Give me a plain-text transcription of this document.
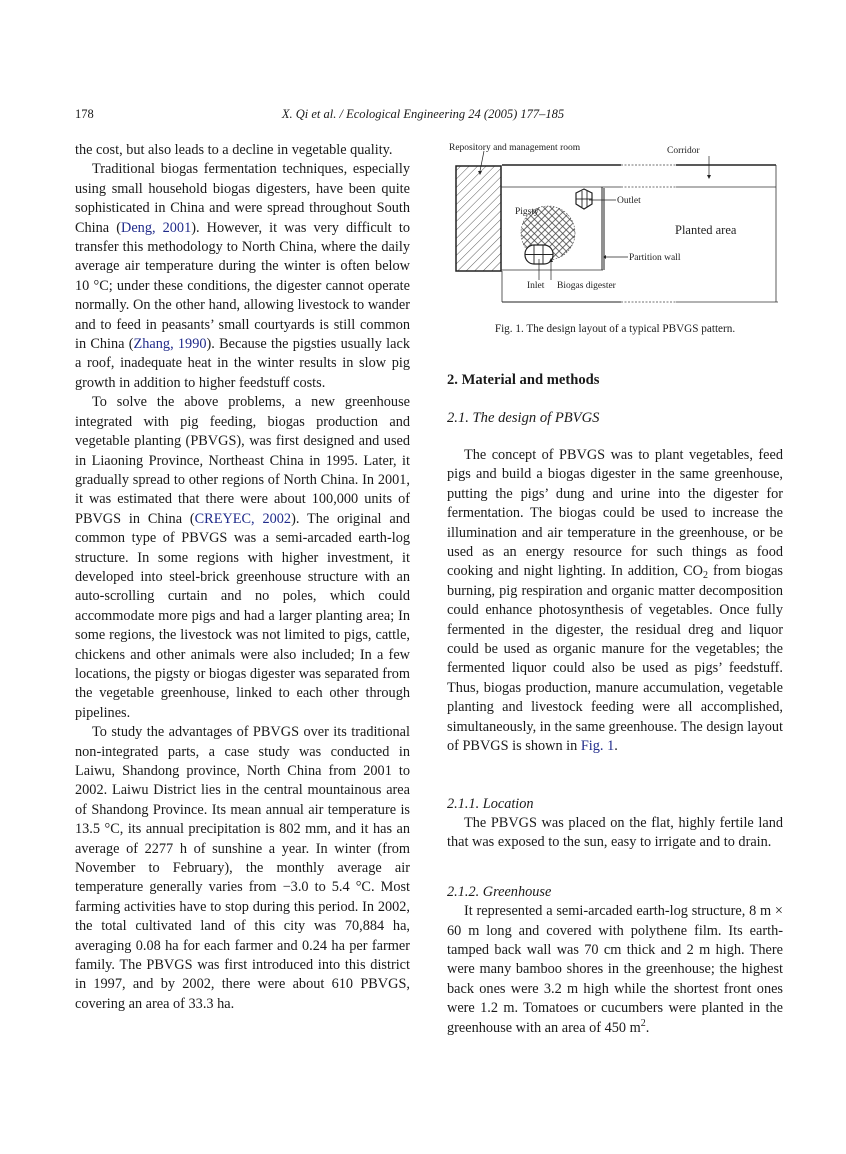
178	X. Qi et al. / Ecological Engineering 24 (2005) 177–185

the cost, but also leads to a decline in vegetable quality.

Traditional biogas fermentation techniques, especially using small household biogas digesters, have been quite sophisticated in China and were spread throughout South China (Deng, 2001). However, it was very difficult to transfer this methodology to North China, where the daily average air temperature during the winter is often below 10 °C; under these conditions, the digester cannot operate normally. On the other hand, allowing livestock to wander and to feed in peasants’ small courtyards is still common in China (Zhang, 1990). Because the pigsties usually lack a roof, inadequate heat in the winter results in slow pig growth in addition to higher feedstuff costs.

To solve the above problems, a new greenhouse integrated with pig feeding, biogas production and vegetable planting (PBVGS), was first designed and used in Liaoning Province, Northeast China in 1995. Later, it gradually spread to other regions of North China. In 2001, it was estimated that there were about 100,000 units of PBVGS in China (CREYEC, 2002). The original and common type of PBVGS was a semi-arcaded earth-log structure. In some regions with higher investment, it developed into steel-brick greenhouse structure with an auto-scrolling curtain and no poles, which could accommodate more pigs and had a larger planting area; In some regions, the livestock was not limited to pigs, cattle, chickens and other animals were also included; In a few locations, the pigsty or biogas digester was separated from the vegetable greenhouse, linked to each other through pipelines.

To study the advantages of PBVGS over its traditional non-integrated parts, a case study was conducted in Laiwu, Shandong province, North China from 2001 to 2002. Laiwu District lies in the central mountainous area of Shandong Province. Its mean annual air temperature is 13.5 °C, its annual precipitation is 802 mm, and it has an average of 2277 h of sunshine a year. In winter (from November to February), the monthly average air temperature generally varies from −3.0 to 5.4 °C. Most farming activities have to stop during this period. In 2002, the total cultivated land of this city was 70,884 ha, averaging 0.08 ha for each farmer and 0.24 ha per farmer family. The PBVGS was first introduced into this district in 1997, and by 2002, there were about 610 PBVGS, covering an area of 33.3 ha.

Repository and management room	Corridor
Pigsty
Outlet
Planted area
Partition wall
Inlet Biogas digester
Fig. 1. The design layout of a typical PBVGS pattern.
2. Material and methods
2.1. The design of PBVGS

The concept of PBVGS was to plant vegetables, feed pigs and build a biogas digester in the same greenhouse, putting the pigs’ dung and urine into the digester for fermentation. The biogas could be used to increase the illumination and air temperature in the greenhouse, or be used as an energy resource for such things as food cooking and night lighting. In addition, $CO_2$ from biogas burning, pig respiration and organic matter decomposition could enhance photosynthesis of vegetables. Once fully fermented in the digester, the residual dreg and liquor could be used as organic manure for the vegetables; the fermented liquor could also be used as pigs’ feedstuff. Thus, biogas production, manure accumulation, vegetable planting and livestock feeding were all accomplished, simultaneously, in the same greenhouse. The design layout of PBVGS is shown in Fig. 1.

2.1.1. Location

The PBVGS was placed on the flat, highly fertile land that was exposed to the sun, easy to irrigate and to drain.

2.1.2. Greenhouse

It represented a semi-arcaded earth-log structure, 8 m × 60 m long and covered with polythene film. Its earth-tamped back wall was 70 cm thick and 2 m high. There were many bamboo shores in the greenhouse; the highest back ones were 3.2 m high while the shortest front ones were 1.2 m. Tomatoes or cucumbers were planted in the greenhouse with an area of 450 $m^2$.
